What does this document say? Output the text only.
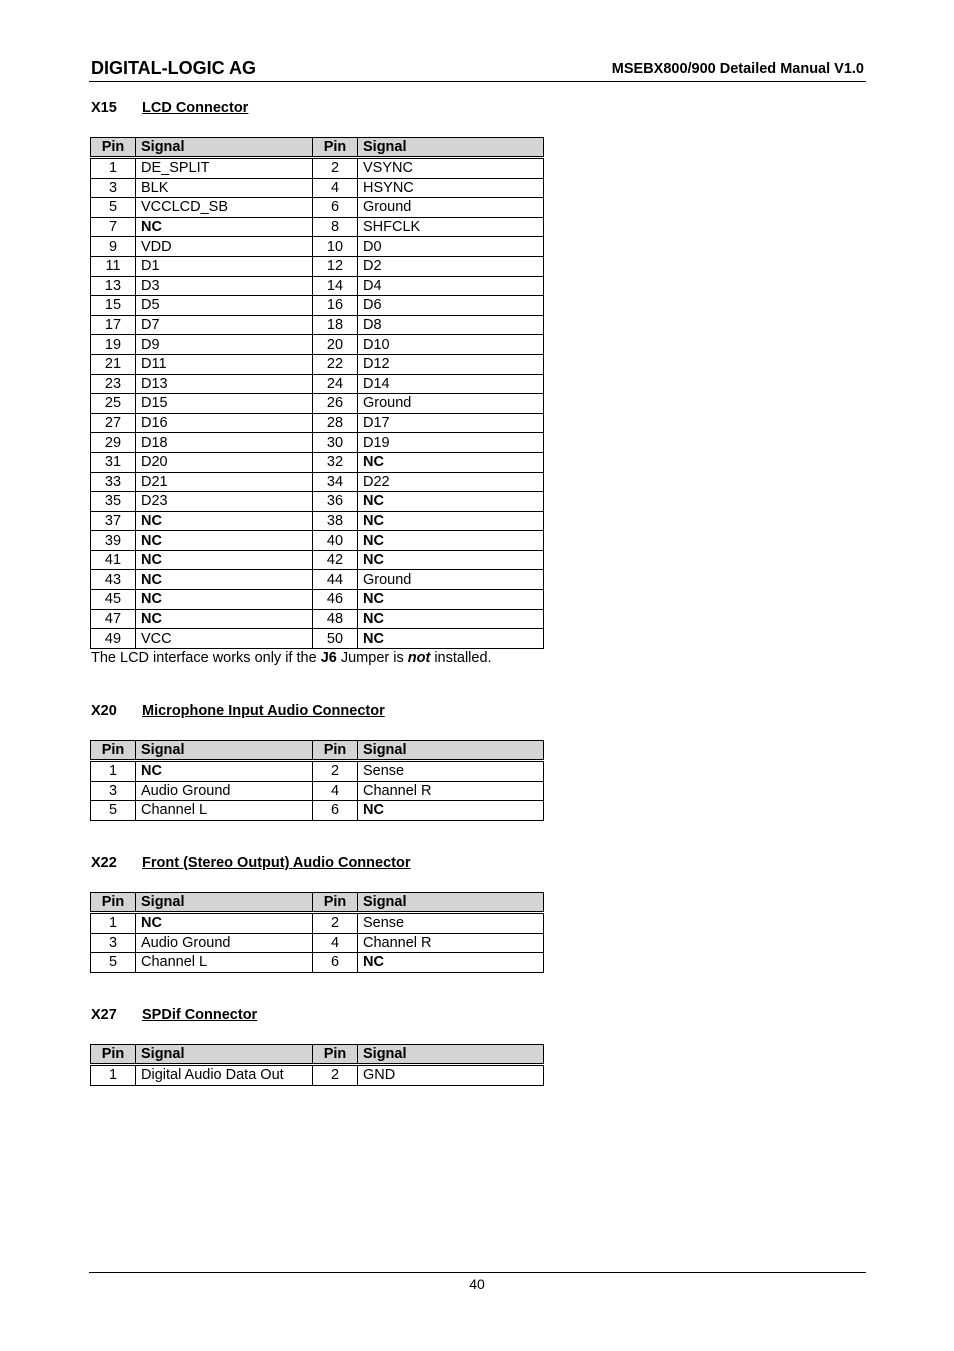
DIGITAL-LOGIC AG	MSEBX800/900 Detailed Manual V1.0
X15 LCD Connector
Pin	Signal	Pin	Signal
1	DE_SPLIT	2	VSYNC
3	BLK	4	HSYNC
5	VCCLCD_SB	6	Ground
7	NC	8	SHFCLK
9	VDD	10	D0
11	D1	12	D2
13	D3	14	D4
15	D5	16	D6
17	D7	18	D8
19	D9	20	D10
21	D11	22	D12
23	D13	24	D14
25	D15	26	Ground
27	D16	28	D17
29	D18	30	D19
31	D20	32	NC
33	D21	34	D22
35	D23	36	NC
37	NC	38	NC
39	NC	40	NC
41	NC	42	NC
43	NC	44	Ground
45	NC	46	NC
47	NC	48	NC
49	VCC	50	NC
The LCD interface works only if the J6 Jumper is not installed.
X20 Microphone Input Audio Connector
Pin	Signal	Pin	Signal
1	NC	2	Sense
3	Audio Ground	4	Channel R
5	Channel L	6	NC
X22 Front (Stereo Output) Audio Connector
Pin	Signal	Pin	Signal
1	NC	2	Sense
3	Audio Ground	4	Channel R
5	Channel L	6	NC
X27 SPDif Connector
Pin	Signal	Pin	Signal
1	Digital Audio Data Out	2	GND
40
